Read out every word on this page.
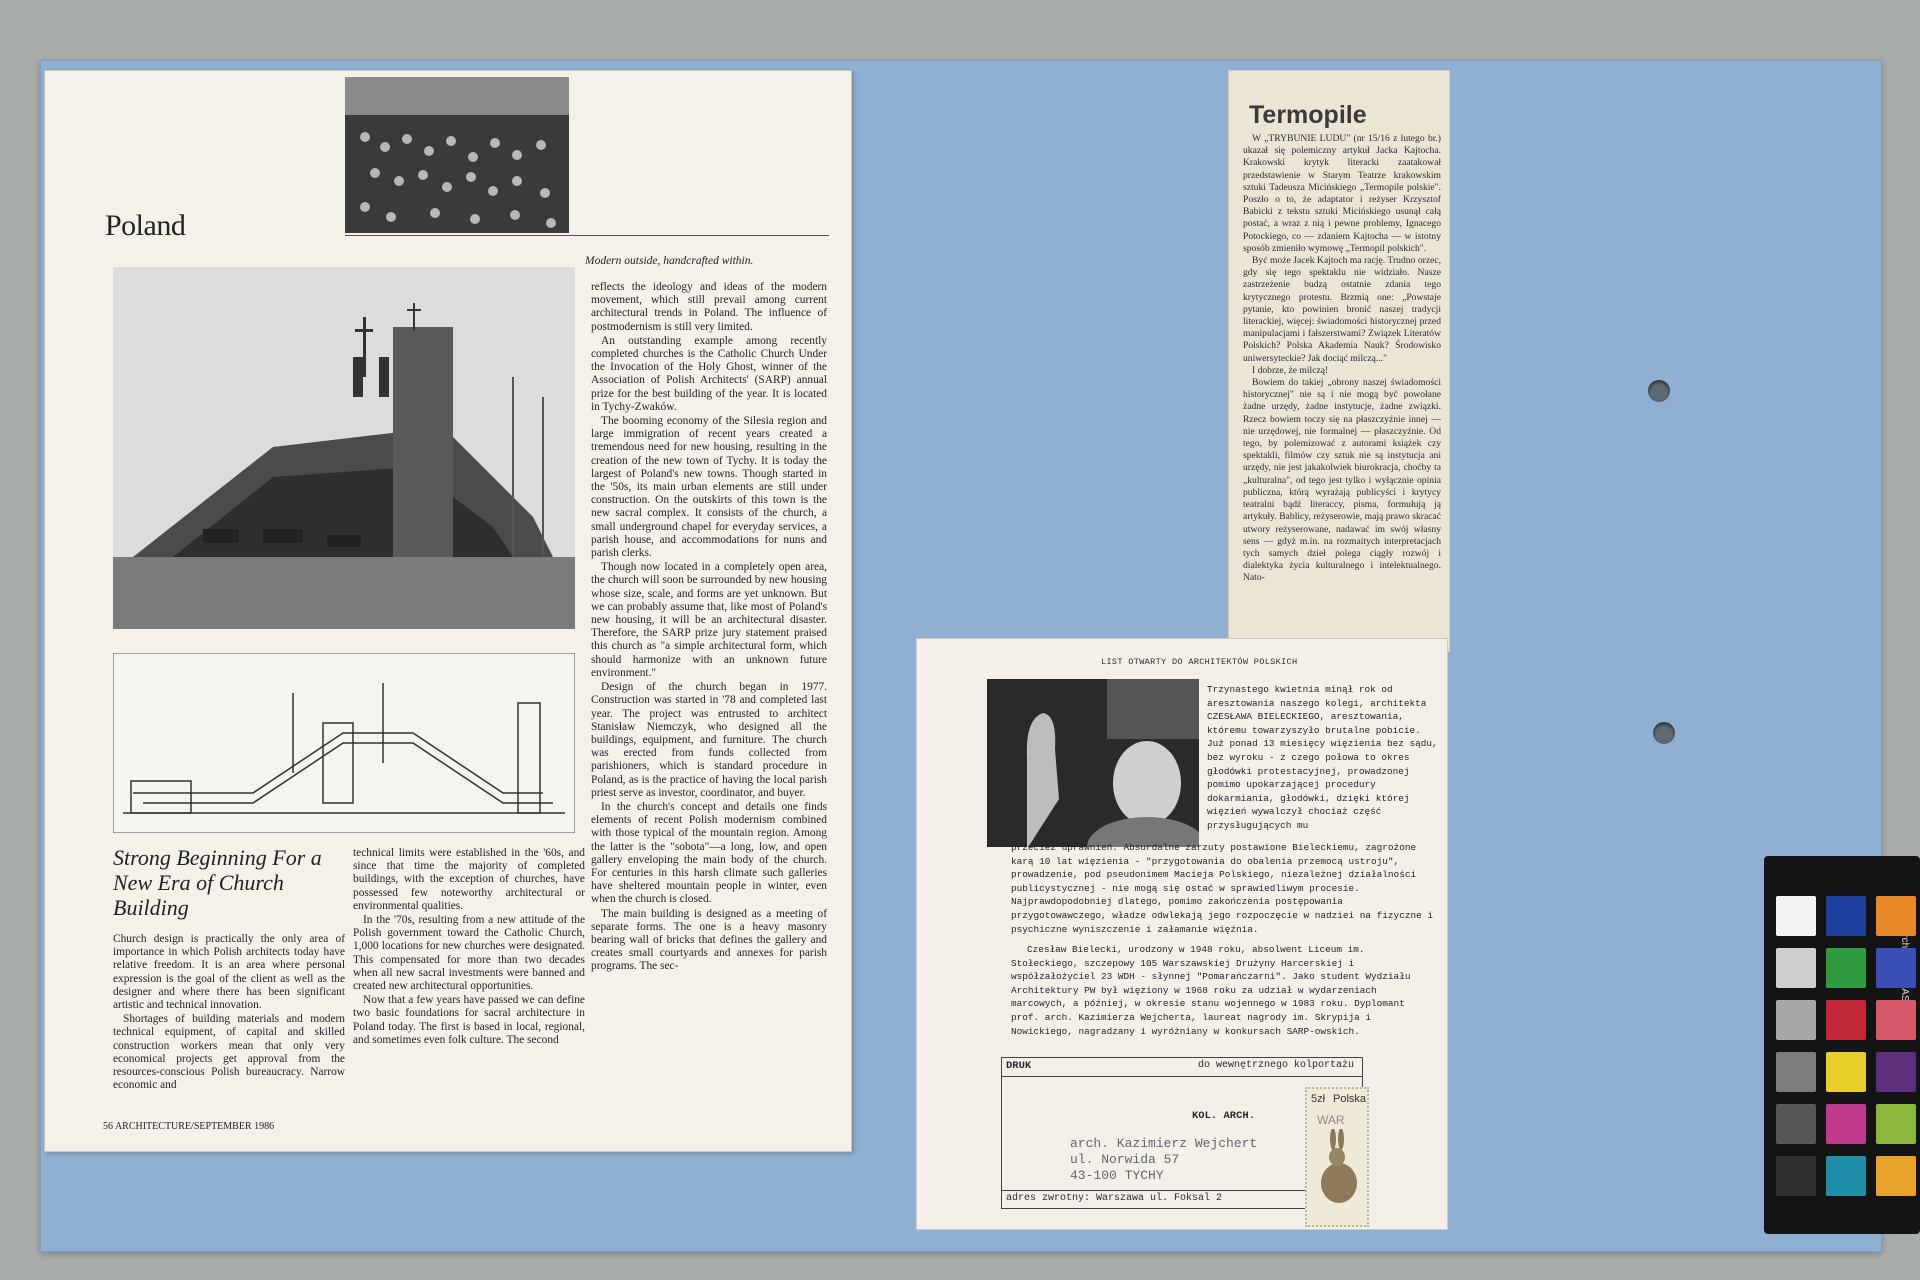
Poland
Modern outside, handcrafted within.
Strong Beginning For a New Era of Church Building

Church design is practically the only area of importance in which Polish architects today have relative freedom. It is an area where personal expression is the goal of the client as well as the designer and where there has been significant artistic and technical innovation.

Shortages of building materials and modern technical equipment, of capital and skilled construction workers mean that only very economical projects get approval from the resources-conscious Polish bureaucracy. Narrow economic and

technical limits were established in the '60s, and since that time the majority of completed buildings, with the exception of churches, have possessed few noteworthy architectural or environmental qualities.

In the '70s, resulting from a new attitude of the Polish government toward the Catholic Church, 1,000 locations for new churches were designated. This compensated for more than two decades when all new sacral investments were banned and created new architectural opportunities.

Now that a few years have passed we can define two basic foundations for sacral architecture in Poland today. The first is based in local, regional, and sometimes even folk culture. The second

reflects the ideology and ideas of the modern movement, which still prevail among current architectural trends in Poland. The influence of postmodernism is still very limited.

An outstanding example among recently completed churches is the Catholic Church Under the Invocation of the Holy Ghost, winner of the Association of Polish Architects' (SARP) annual prize for the best building of the year. It is located in Tychy-Zwaków.

The booming economy of the Silesia region and large immigration of recent years created a tremendous need for new housing, resulting in the creation of the new town of Tychy. It is today the largest of Poland's new towns. Though started in the '50s, its main urban elements are still under construction. On the outskirts of this town is the new sacral complex. It consists of the church, a small underground chapel for everyday services, a parish house, and accommodations for nuns and parish clerks.

Though now located in a completely open area, the church will soon be surrounded by new housing whose size, scale, and forms are yet unknown. But we can probably assume that, like most of Poland's new housing, it will be an architectural disaster. Therefore, the SARP prize jury statement praised this church as "a simple architectural form, which should harmonize with an unknown future environment."

Design of the church began in 1977. Construction was started in '78 and completed last year. The project was entrusted to architect Stanisław Niemczyk, who designed all the buildings, equipment, and furniture. The church was erected from funds collected from parishioners, which is standard procedure in Poland, as is the practice of having the local parish priest serve as investor, coordinator, and buyer.

In the church's concept and details one finds elements of recent Polish modernism combined with those typical of the mountain region. Among the latter is the "sobota"—a long, low, and open gallery enveloping the main body of the church. For centuries in this harsh climate such galleries have sheltered mountain people in winter, even when the church is closed.

The main building is designed as a meeting of separate forms. The one is a heavy masonry bearing wall of bricks that defines the gallery and creates small courtyards and annexes for parish programs. The sec-

56 ARCHITECTURE/SEPTEMBER 1986
Termopile

W „TRYBUNIE LUDU" (nr 15/16 z lutego br.) ukazał się polemiczny artykuł Jacka Kajtocha. Krakowski krytyk literacki zaatakował przedstawienie w Starym Teatrze krakowskim sztuki Tadeusza Micińskiego „Termopile polskie". Poszło o to, że adaptator i reżyser Krzysztof Babicki z tekstu sztuki Micińskiego usunął całą postać, a wraz z nią i pewne problemy, Ignacego Potockiego, co — zdaniem Kajtocha — w istotny sposób zmieniło wymowę „Termopil polskich".

Być może Jacek Kajtoch ma rację. Trudno orzec, gdy się tego spektaklu nie widziało. Nasze zastrzeżenie budzą ostatnie zdania tego krytycznego protestu. Brzmią one: „Powstaje pytanie, kto powinien bronić naszej tradycji literackiej, więcej: świadomości historycznej przed manipulacjami i fałszerstwami? Związek Literatów Polskich? Polska Akademia Nauk? Środowisko uniwersyteckie? Jak dociąć milczą..."

I dobrze, że milczą!

Bowiem do takiej „obrony naszej świadomości historycznej" nie są i nie mogą być powołane żadne urzędy, żadne instytucje, żadne związki. Rzecz bowiem toczy się na płaszczyźnie innej — nie urzędowej, nie formalnej — płaszczyźnie. Od tego, by polemizować z autorami książek czy spektakli, filmów czy sztuk nie są instytucja ani urzędy, nie jest jakakolwiek biurokracja, choćby ta „kulturalna", od tego jest tylko i wyłącznie opinia publiczna, którą wyrażają publicyści i krytycy teatralni bądź literaccy, pisma, formułują ją artykuły. Bablicy, reżyserowie, mają prawo skracać utwory reżyserowane, nadawać im swój własny sens — gdyż m.in. na rozmaitych interpretacjach tych samych dzieł polega ciągły rozwój i dialektyka życia kulturalnego i intelektualnego. Nato-

LIST OTWARTY DO ARCHITEKTÓW POLSKICH
Trzynastego kwietnia minął rok od aresztowania naszego kolegi, architekta CZESŁAWA BIELECKIEGO, aresztowania, któremu towarzyszyło brutalne pobicie. Już ponad 13 miesięcy więzienia bez sądu, bez wyroku - z czego połowa to okres głodówki protestacyjnej, prowadzonej pomimo upokarzającej procedury dokarmiania, głodówki, dzięki której więzień wywalczył chociaż część przysługujących mu
przecież uprawnień. Absurdalne zarzuty postawione Bieleckiemu, zagrożone karą 10 lat więzienia - "przygotowania do obalenia przemocą ustroju", prowadzenie, pod pseudonimem Macieja Polskiego, niezależnej działalności publicystycznej - nie mogą się ostać w sprawiedliwym procesie. Najprawdopodobniej dlatego, pomimo zakończenia postępowania przygotowawczego, władze odwlekają jego rozpoczęcie w nadziei na fizyczne i psychiczne wyniszczenie i załamanie więźnia.
Czesław Bielecki, urodzony w 1948 roku, absolwent Liceum im. Stołeckiego, szczepowy 105 Warszawskiej Drużyny Harcerskiej i współzałożyciel 23 WDH - słynnej "Pomarańczarni". Jako student Wydziału Architektury PW był więziony w 1968 roku za udział w wydarzeniach marcowych, a później, w okresie stanu wojennego w 1983 roku. Dyplomant prof. arch. Kazimierza Wejcherta, laureat nagrody im. Skrypija i Nowickiego, nagradzany i wyróżniany w konkursach SARP-owskich.
DRUK	do wewnętrznego kolportażu
KOL. ARCH.
arch. Kazimierz Wejchert
ul. Norwida 57
43-100 TYCHY
adres zwrotny: Warszawa ul. Foksal 2
5zł Polska
WAR
